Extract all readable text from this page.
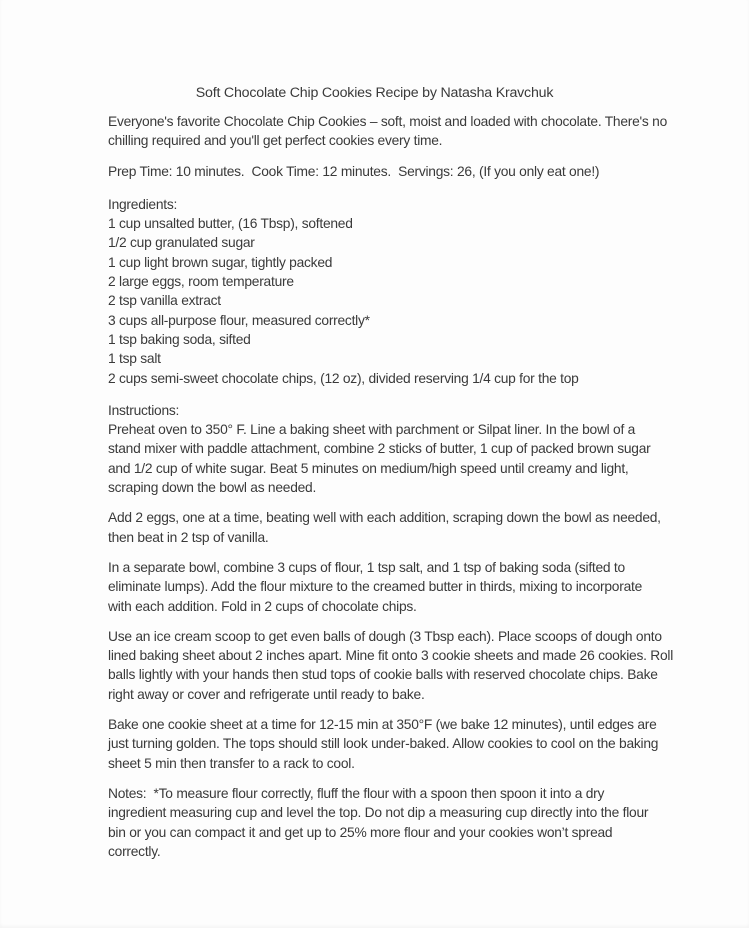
Soft Chocolate Chip Cookies Recipe by Natasha Kravchuk
Everyone's favorite Chocolate Chip Cookies – soft, moist and loaded with chocolate. There's no
chilling required and you'll get perfect cookies every time.
Prep Time: 10 minutes.  Cook Time: 12 minutes.  Servings: 26, (If you only eat one!)
Ingredients:
1 cup unsalted butter, (16 Tbsp), softened
1/2 cup granulated sugar
1 cup light brown sugar, tightly packed
2 large eggs, room temperature
2 tsp vanilla extract
3 cups all-purpose flour, measured correctly*
1 tsp baking soda, sifted
1 tsp salt
2 cups semi-sweet chocolate chips, (12 oz), divided reserving 1/4 cup for the top
Instructions:
Preheat oven to 350° F. Line a baking sheet with parchment or Silpat liner. In the bowl of a
stand mixer with paddle attachment, combine 2 sticks of butter, 1 cup of packed brown sugar
and 1/2 cup of white sugar. Beat 5 minutes on medium/high speed until creamy and light,
scraping down the bowl as needed.
Add 2 eggs, one at a time, beating well with each addition, scraping down the bowl as needed,
then beat in 2 tsp of vanilla.
In a separate bowl, combine 3 cups of flour, 1 tsp salt, and 1 tsp of baking soda (sifted to
eliminate lumps). Add the flour mixture to the creamed butter in thirds, mixing to incorporate
with each addition. Fold in 2 cups of chocolate chips.
Use an ice cream scoop to get even balls of dough (3 Tbsp each). Place scoops of dough onto
lined baking sheet about 2 inches apart. Mine fit onto 3 cookie sheets and made 26 cookies. Roll
balls lightly with your hands then stud tops of cookie balls with reserved chocolate chips. Bake
right away or cover and refrigerate until ready to bake.
Bake one cookie sheet at a time for 12-15 min at 350°F (we bake 12 minutes), until edges are
just turning golden. The tops should still look under-baked. Allow cookies to cool on the baking
sheet 5 min then transfer to a rack to cool.
Notes:  *To measure flour correctly, fluff the flour with a spoon then spoon it into a dry
ingredient measuring cup and level the top. Do not dip a measuring cup directly into the flour
bin or you can compact it and get up to 25% more flour and your cookies won’t spread
correctly.
